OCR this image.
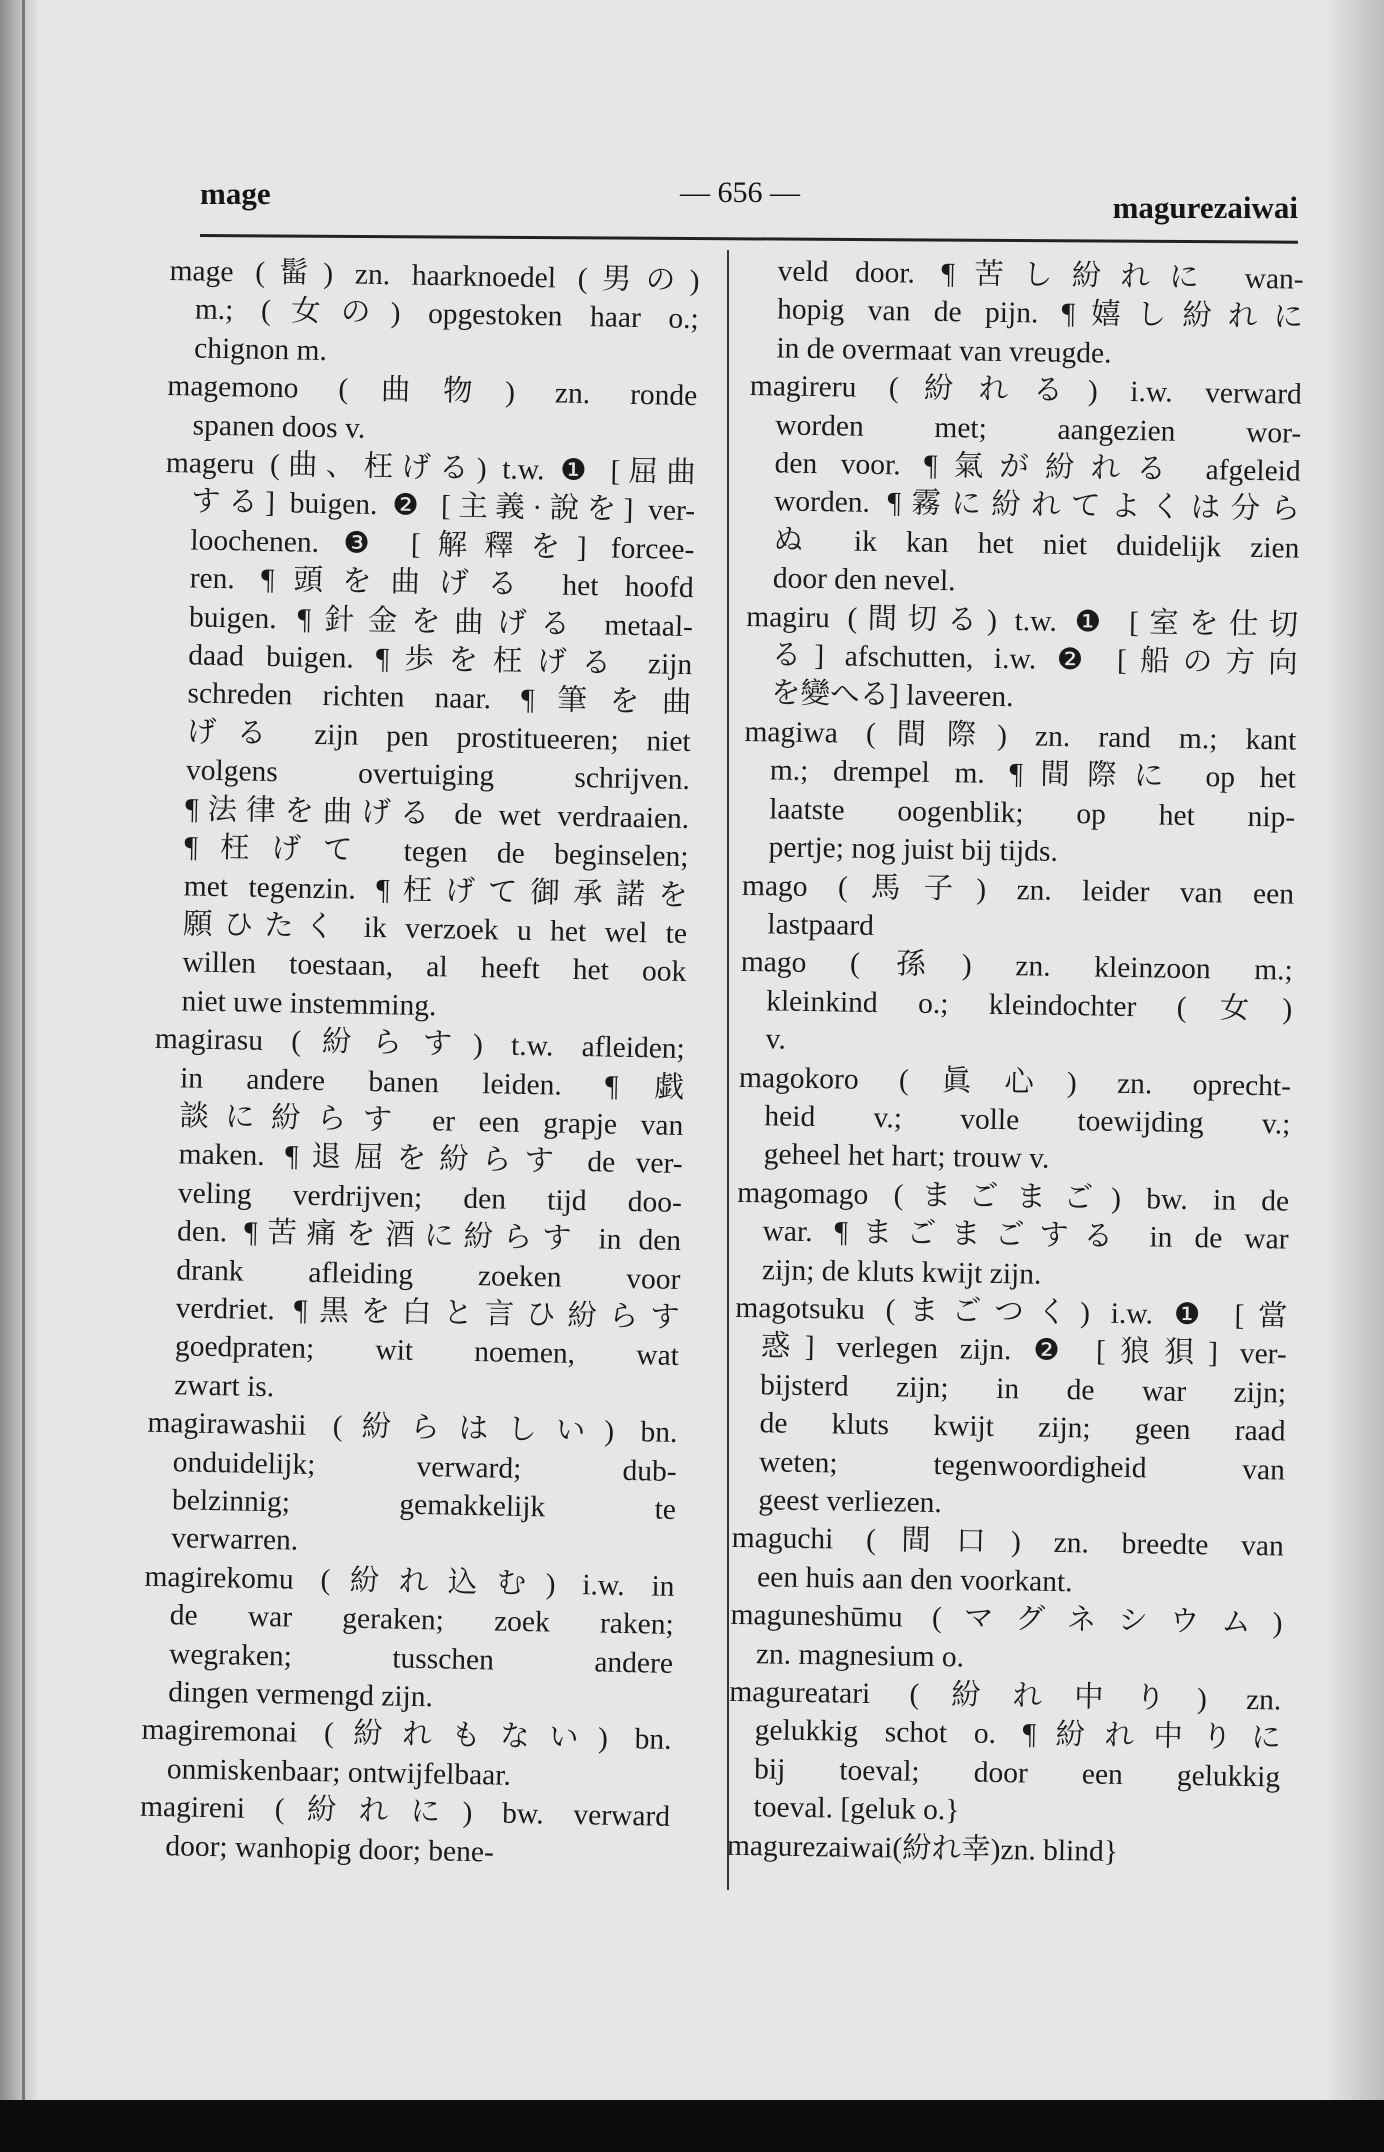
mage	— 656 —	magurezaiwai
mage (髷) zn. haarknoedel (男の)
m.; (女の) opgestoken haar o.;
chignon m.
magemono (曲物) zn. ronde
spanen doos v.
mageru (曲、枉げる) t.w. ❶ [屈曲
する] buigen. ❷ [主義·說を] ver-
loochenen. ❸ [解釋を] forcee-
ren. ¶頭を曲げる het hoofd
buigen. ¶針金を曲げる metaal-
daad buigen. ¶歩を枉げる zijn
schreden richten naar. ¶筆を曲
げる zijn pen prostitueeren; niet
volgens overtuiging schrijven.
¶法律を曲げる de wet verdraaien.
¶枉げて tegen de beginselen;
met tegenzin. ¶枉げて御承諾を
願ひたく ik verzoek u het wel te
willen toestaan, al heeft het ook
niet uwe instemming.
magirasu (紛らす) t.w. afleiden;
in andere banen leiden. ¶戯
談に紛らす er een grapje van
maken. ¶退屈を紛らす de ver-
veling verdrijven; den tijd doo-
den. ¶苦痛を酒に紛らす in den
drank afleiding zoeken voor
verdriet. ¶黒を白と言ひ紛らす
goedpraten; wit noemen, wat
zwart is.
magirawashii (紛らはしい) bn.
onduidelijk; verward; dub-
belzinnig; gemakkelijk te
verwarren.
magirekomu (紛れ込む) i.w. in
de war geraken; zoek raken;
wegraken; tusschen andere
dingen vermengd zijn.
magiremonai (紛れもない) bn.
onmiskenbaar; ontwijfelbaar.
magireni (紛れに) bw. verward
door; wanhopig door; bene-
veld door. ¶苦し紛れに wan-
hopig van de pijn. ¶嬉し紛れに
in de overmaat van vreugde.
magireru (紛れる) i.w. verward
worden met; aangezien wor-
den voor. ¶氣が紛れる afgeleid
worden. ¶霧に紛れてよくは分ら
ぬ ik kan het niet duidelijk zien
door den nevel.
magiru (間切る) t.w. ❶ [室を仕切
る] afschutten, i.w. ❷ [船の方向
を變へる] laveeren.
magiwa (間際) zn. rand m.; kant
m.; drempel m. ¶間際に op het
laatste oogenblik; op het nip-
pertje; nog juist bij tijds.
mago (馬子) zn. leider van een
lastpaard
mago (孫) zn. kleinzoon m.;
kleinkind o.; kleindochter (女)
v.
magokoro (眞心) zn. oprecht-
heid v.; volle toewijding v.;
geheel het hart; trouw v.
magomago (まごまご) bw. in de
war. ¶まごまごする in de war
zijn; de kluts kwijt zijn.
magotsuku (まごつく) i.w. ❶ [當
惑] verlegen zijn. ❷ [狼狽] ver-
bijsterd zijn; in de war zijn;
de kluts kwijt zijn; geen raad
weten; tegenwoordigheid van
geest verliezen.
maguchi (間口) zn. breedte van
een huis aan den voorkant.
maguneshūmu (マグネシウム)
zn. magnesium o.
magureatari (紛れ中り) zn.
gelukkig schot o. ¶紛れ中りに
bij toeval; door een gelukkig
toeval. [geluk o.}
magurezaiwai(紛れ幸)zn. blind}
